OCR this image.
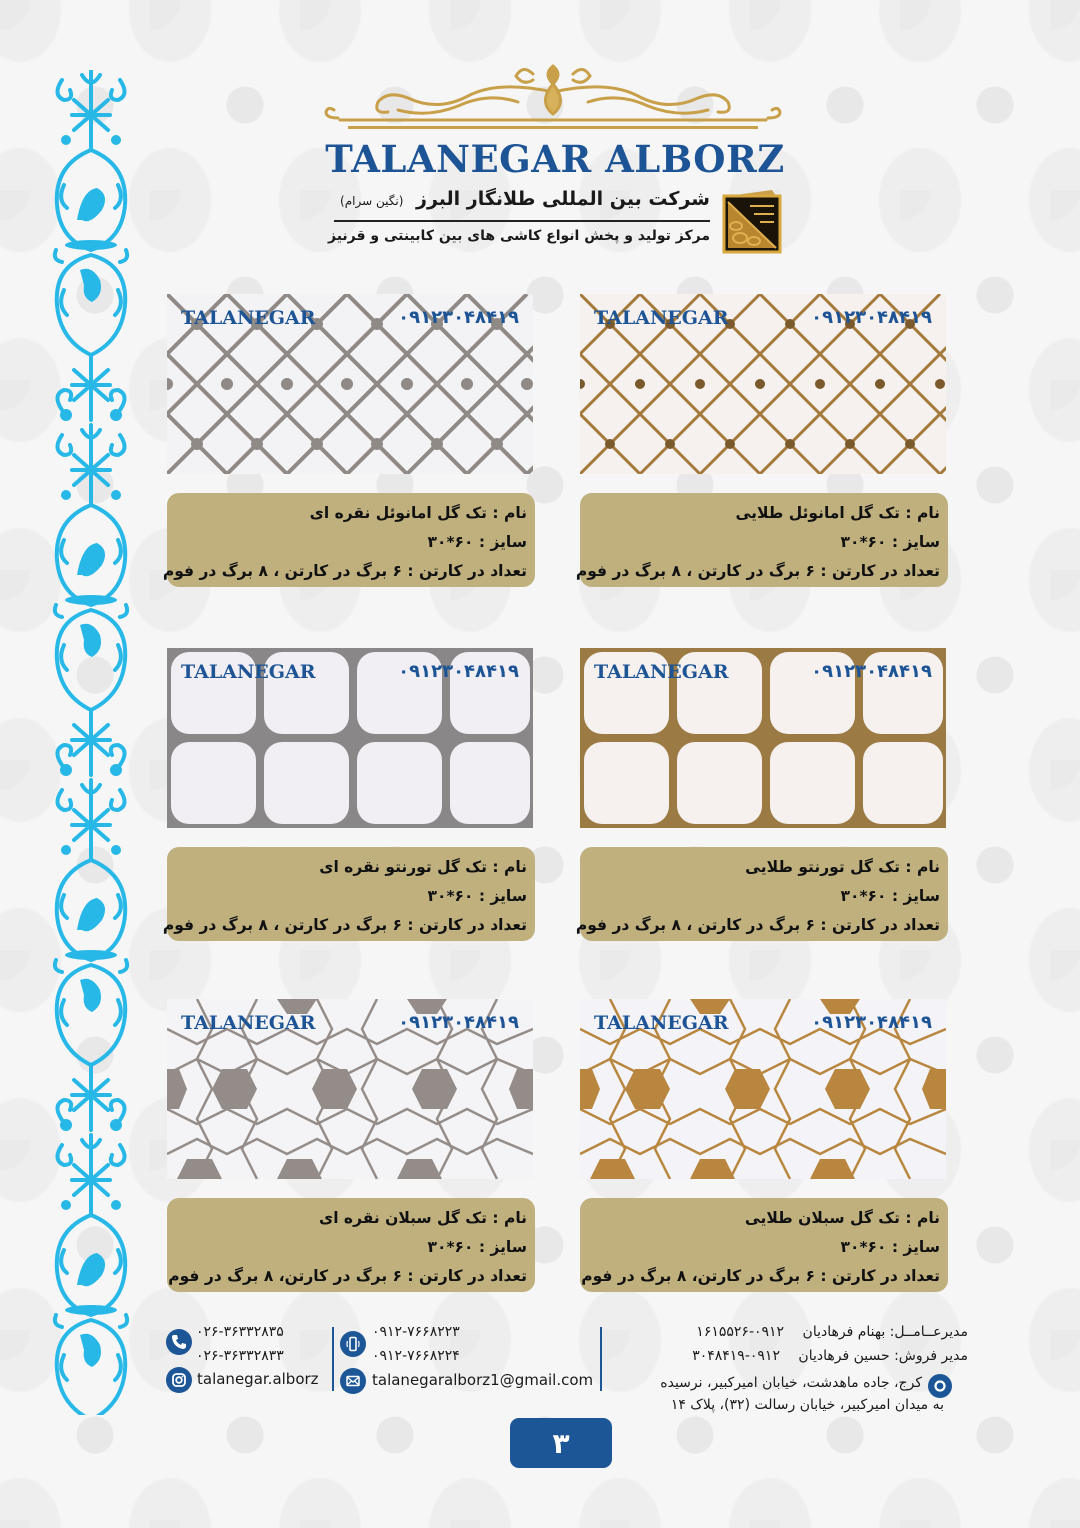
TALANEGAR ALBORZ
شرکت بین المللی طلانگار البرز (نگین سرام)
مرکز تولید و پخش انواع کاشی های بین کابینتی و قرنیز
TALANEGAR	۰۹۱۲۳۰۴۸۴۱۹
نام : تک گل امانوئل نقره ای
سایز : ۶۰*۳۰
تعداد در کارتن : ۶ برگ در کارتن ، ۸ برگ در فوم
TALANEGAR	۰۹۱۲۳۰۴۸۴۱۹
نام : تک گل امانوئل طلایی
سایز : ۶۰*۳۰
تعداد در کارتن : ۶ برگ در کارتن ، ۸ برگ در فوم
TALANEGAR	۰۹۱۲۳۰۴۸۴۱۹
نام : تک گل تورنتو نقره ای
سایز : ۶۰*۳۰
تعداد در کارتن : ۶ برگ در کارتن ، ۸ برگ در فوم
TALANEGAR	۰۹۱۲۳۰۴۸۴۱۹
نام : تک گل تورنتو طلایی
سایز : ۶۰*۳۰
تعداد در کارتن : ۶ برگ در کارتن ، ۸ برگ در فوم
TALANEGAR	۰۹۱۲۳۰۴۸۴۱۹
نام : تک گل سبلان نقره ای
سایز : ۶۰*۳۰
تعداد در کارتن : ۶ برگ در کارتن، ۸ برگ در فوم
TALANEGAR	۰۹۱۲۳۰۴۸۴۱۹
نام : تک گل سبلان طلایی
سایز : ۶۰*۳۰
تعداد در کارتن : ۶ برگ در کارتن، ۸ برگ در فوم
۰۲۶-۳۶۳۳۲۸۳۵
۰۲۶-۳۶۳۳۲۸۳۳
talanegar.alborz
۰۹۱۲-۷۶۶۸۲۲۳
۰۹۱۲-۷۶۶۸۲۲۴
talanegaralborz1@gmail.com
مدیرعــامــل: بهنام فرهادیان ۰۹۱۲-۱۶۱۵۵۲۶
مدیر فروش: حسین فرهادیان ۰۹۱۲-۳۰۴۸۴۱۹
کرج، جاده ماهدشت، خیابان امیرکبیر، نرسیده
به میدان امیرکبیر، خیابان رسالت (۳۲)، پلاک ۱۴
۳
